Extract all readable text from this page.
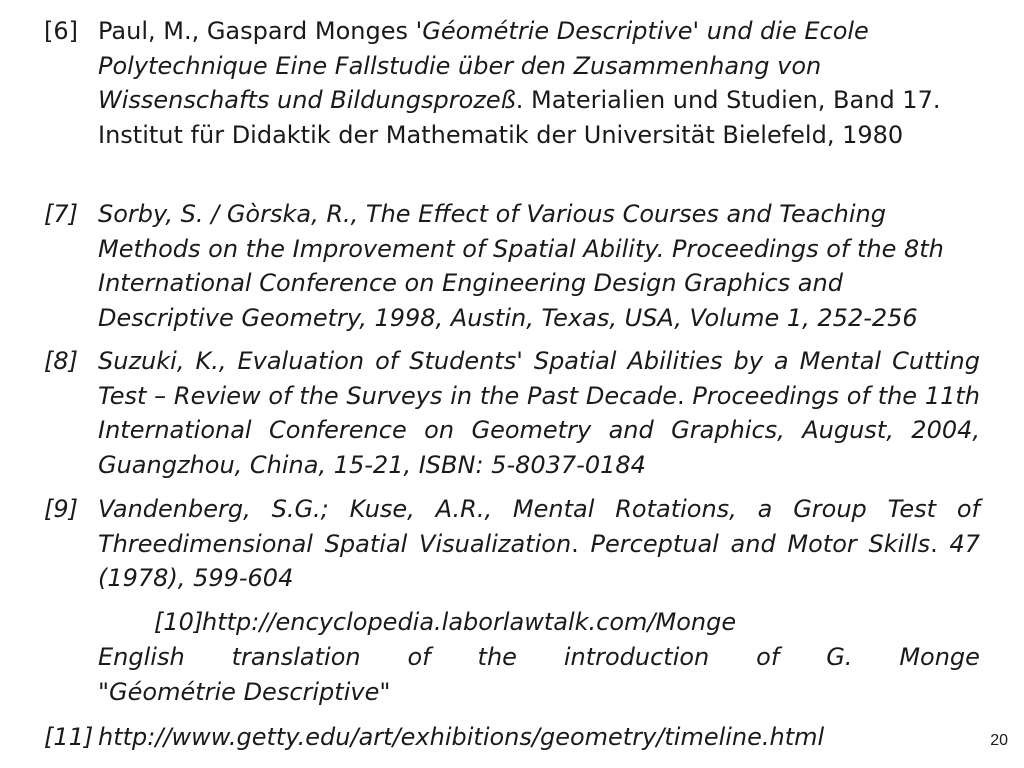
[6] Paul, M., Gaspard Monges 'Géométrie Descriptive' und die Ecole Polytechnique Eine Fallstudie über den Zusammenhang von Wissenschafts und Bildungsprozeß. Materialien und Studien, Band 17. Institut für Didaktik der Mathematik der Universität Bielefeld, 1980
[7] Sorby, S. / Gòrska, R., The Effect of Various Courses and Teaching Methods on the Improvement of Spatial Ability. Proceedings of the 8th International Conference on Engineering Design Graphics and Descriptive Geometry, 1998, Austin, Texas, USA, Volume 1, 252-256
[8] Suzuki, K., Evaluation of Students' Spatial Abilities by a Mental Cutting Test – Review of the Surveys in the Past Decade. Proceedings of the 11th International Conference on Geometry and Graphics, August, 2004, Guangzhou, China, 15-21, ISBN: 5-8037-0184
[9] Vandenberg, S.G.; Kuse, A.R., Mental Rotations, a Group Test of Threedimensional Spatial Visualization. Perceptual and Motor Skills. 47 (1978), 599-604
[10]
http://encyclopedia.laborlawtalk.com/Monge
English translation of the introduction of G. Monge
"Géométrie Descriptive"
[11] http://www.getty.edu/art/exhibitions/geometry/timeline.html	20
